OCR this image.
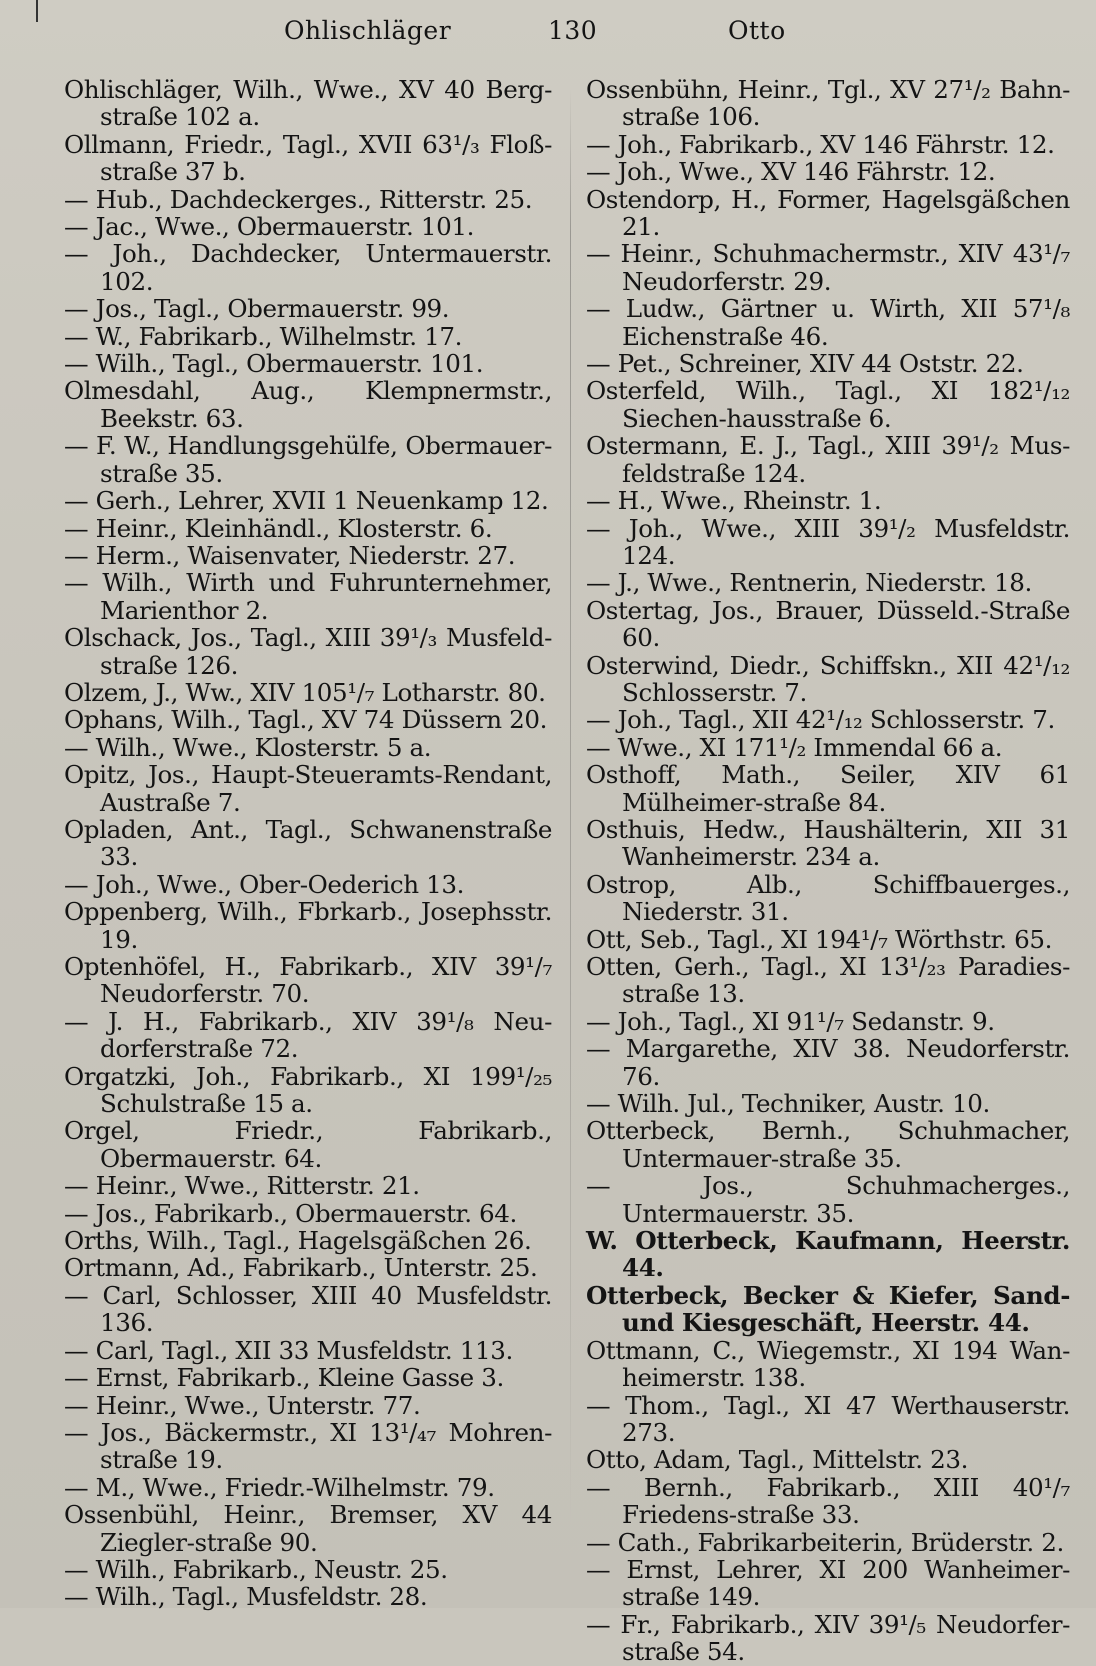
Ohlischläger	130	Otto
Ohlischläger, Wilh., Wwe., XV 40 Berg-straße 102 a.
Ollmann, Friedr., Tagl., XVII 63¹/₃ Floß-straße 37 b.
— Hub., Dachdeckerges., Ritterstr. 25.
— Jac., Wwe., Obermauerstr. 101.
— Joh., Dachdecker, Untermauerstr. 102.
— Jos., Tagl., Obermauerstr. 99.
— W., Fabrikarb., Wilhelmstr. 17.
— Wilh., Tagl., Obermauerstr. 101.
Olmesdahl, Aug., Klempnermstr., Beekstr. 63.
— F. W., Handlungsgehülfe, Obermauer-straße 35.
— Gerh., Lehrer, XVII 1 Neuenkamp 12.
— Heinr., Kleinhändl., Klosterstr. 6.
— Herm., Waisenvater, Niederstr. 27.
— Wilh., Wirth und Fuhrunternehmer, Marienthor 2.
Olschack, Jos., Tagl., XIII 39¹/₃ Musfeld-straße 126.
Olzem, J., Ww., XIV 105¹/₇ Lotharstr. 80.
Ophans, Wilh., Tagl., XV 74 Düssern 20.
— Wilh., Wwe., Klosterstr. 5 a.
Opitz, Jos., Haupt-Steueramts-Rendant, Austraße 7.
Opladen, Ant., Tagl., Schwanenstraße 33.
— Joh., Wwe., Ober-Oederich 13.
Oppenberg, Wilh., Fbrkarb., Josephsstr. 19.
Optenhöfel, H., Fabrikarb., XIV 39¹/₇ Neudorferstr. 70.
— J. H., Fabrikarb., XIV 39¹/₈ Neu-dorferstraße 72.
Orgatzki, Joh., Fabrikarb., XI 199¹/₂₅ Schulstraße 15 a.
Orgel, Friedr., Fabrikarb., Obermauerstr. 64.
— Heinr., Wwe., Ritterstr. 21.
— Jos., Fabrikarb., Obermauerstr. 64.
Orths, Wilh., Tagl., Hagelsgäßchen 26.
Ortmann, Ad., Fabrikarb., Unterstr. 25.
— Carl, Schlosser, XIII 40 Musfeldstr. 136.
— Carl, Tagl., XII 33 Musfeldstr. 113.
— Ernst, Fabrikarb., Kleine Gasse 3.
— Heinr., Wwe., Unterstr. 77.
— Jos., Bäckermstr., XI 13¹/₄₇ Mohren-straße 19.
— M., Wwe., Friedr.-Wilhelmstr. 79.
Ossenbühl, Heinr., Bremser, XV 44 Ziegler-straße 90.
— Wilh., Fabrikarb., Neustr. 25.
— Wilh., Tagl., Musfeldstr. 28.
Ossenbühn, Heinr., Tgl., XV 27¹/₂ Bahn-straße 106.
— Joh., Fabrikarb., XV 146 Fährstr. 12.
— Joh., Wwe., XV 146 Fährstr. 12.
Ostendorp, H., Former, Hagelsgäßchen 21.
— Heinr., Schuhmachermstr., XIV 43¹/₇ Neudorferstr. 29.
— Ludw., Gärtner u. Wirth, XII 57¹/₈ Eichenstraße 46.
— Pet., Schreiner, XIV 44 Oststr. 22.
Osterfeld, Wilh., Tagl., XI 182¹/₁₂ Siechen-hausstraße 6.
Ostermann, E. J., Tagl., XIII 39¹/₂ Mus-feldstraße 124.
— H., Wwe., Rheinstr. 1.
— Joh., Wwe., XIII 39¹/₂ Musfeldstr. 124.
— J., Wwe., Rentnerin, Niederstr. 18.
Ostertag, Jos., Brauer, Düsseld.-Straße 60.
Osterwind, Diedr., Schiffskn., XII 42¹/₁₂ Schlosserstr. 7.
— Joh., Tagl., XII 42¹/₁₂ Schlosserstr. 7.
— Wwe., XI 171¹/₂ Immendal 66 a.
Osthoff, Math., Seiler, XIV 61 Mülheimer-straße 84.
Osthuis, Hedw., Haushälterin, XII 31 Wanheimerstr. 234 a.
Ostrop, Alb., Schiffbauerges., Niederstr. 31.
Ott, Seb., Tagl., XI 194¹/₇ Wörthstr. 65.
Otten, Gerh., Tagl., XI 13¹/₂₃ Paradies-straße 13.
— Joh., Tagl., XI 91¹/₇ Sedanstr. 9.
— Margarethe, XIV 38. Neudorferstr. 76.
— Wilh. Jul., Techniker, Austr. 10.
Otterbeck, Bernh., Schuhmacher, Untermauer-straße 35.
— Jos., Schuhmacherges., Untermauerstr. 35.
W. Otterbeck, Kaufmann, Heerstr. 44.
Otterbeck, Becker & Kiefer, Sand- und Kiesgeschäft, Heerstr. 44.
Ottmann, C., Wiegemstr., XI 194 Wan-heimerstr. 138.
— Thom., Tagl., XI 47 Werthauserstr. 273.
Otto, Adam, Tagl., Mittelstr. 23.
— Bernh., Fabrikarb., XIII 40¹/₇ Friedens-straße 33.
— Cath., Fabrikarbeiterin, Brüderstr. 2.
— Ernst, Lehrer, XI 200 Wanheimer-straße 149.
— Fr., Fabrikarb., XIV 39¹/₅ Neudorfer-straße 54.
